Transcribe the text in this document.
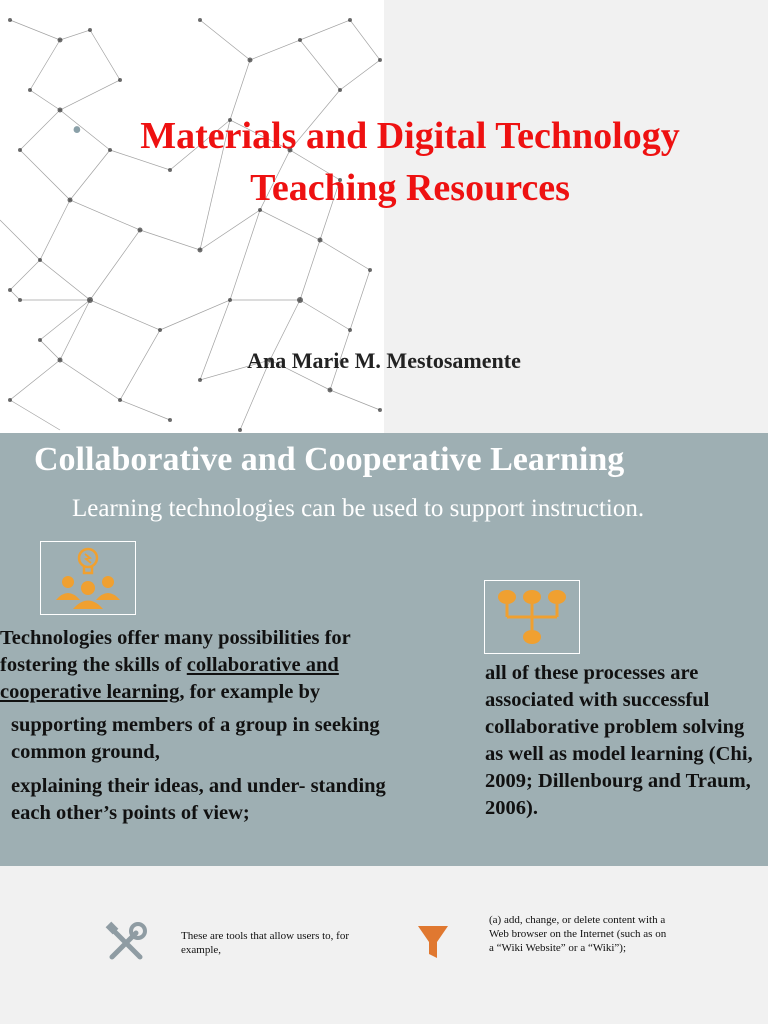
•	Materials and Digital Technology
Teaching Resources
Ana Marie M. Mestosamente
Collaborative and Cooperative Learning
Learning technologies can be used to support instruction.

Technologies offer many possibilities for fostering the skills of collaborative and cooperative learning, for example by

supporting members of a group in seeking common ground,

explaining their ideas, and under- standing each other’s points of view;

all of these processes are associated with successful collaborative problem solving as well as model learning (Chi, 2009; Dillenbourg and Traum, 2006).
These are tools that allow users to, for example,
(a) add, change, or delete content with a Web browser on the Internet (such as on a “Wiki Website” or a “Wiki”);
